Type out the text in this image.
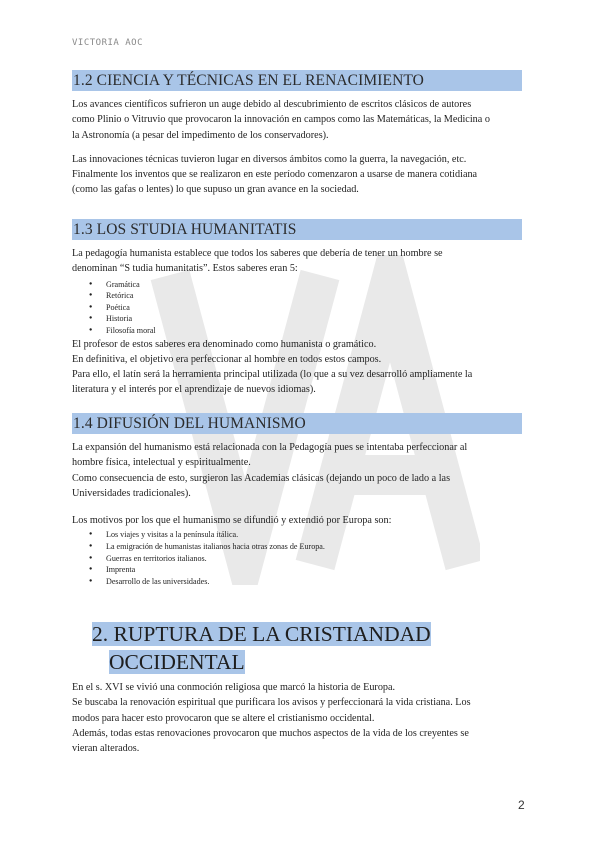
VICTORIA AOC
1.2 CIENCIA Y TÉCNICAS EN EL RENACIMIENTO

Los avances científicos sufrieron un auge debido al descubrimiento de escritos clásicos de autores

como Plinio o Vitruvio que provocaron la innovación en campos como las Matemáticas, la Medicina o

la Astronomía (a pesar del impedimento de los conservadores).

Las innovaciones técnicas tuvieron lugar en diversos ámbitos como la guerra, la navegación, etc.

Finalmente los inventos que se realizaron en este período comenzaron a usarse de manera cotidiana

(como las gafas o lentes) lo que supuso un gran avance en la sociedad.

1.3 LOS STUDIA HUMANITATIS

La pedagogía humanista establece que todos los saberes que debería de tener un hombre se

denominan “S tudia humanitatis”. Estos saberes eran 5:

● Gramática
● Retórica
● Poética
● Historia
● Filosofía moral

El profesor de estos saberes era denominado como humanista o gramático.

En definitiva, el objetivo era perfeccionar al hombre en todos estos campos.

Para ello, el latín será la herramienta principal utilizada (lo que a su vez desarrolló ampliamente la

literatura y el interés por el aprendizaje de nuevos idiomas).

1.4 DIFUSIÓN DEL HUMANISMO

La expansión del humanismo está relacionada con la Pedagogía pues se intentaba perfeccionar al

hombre física, intelectual y espiritualmente.

Como consecuencia de esto, surgieron las Academias clásicas (dejando un poco de lado a las

Universidades tradicionales).

Los motivos por los que el humanismo se difundió y extendió por Europa son:

● Los viajes y visitas a la península itálica.
● La emigración de humanistas italianos hacia otras zonas de Europa.
● Guerras en territorios italianos.
● Imprenta
● Desarrollo de las universidades.
2. RUPTURA DE LA CRISTIANDAD
OCCIDENTAL

En el s. XVI se vivió una conmoción religiosa que marcó la historia de Europa.

Se buscaba la renovación espiritual que purificara los avisos y perfeccionará la vida cristiana. Los

modos para hacer esto provocaron que se altere el cristianismo occidental.

Además, todas estas renovaciones provocaron que muchos aspectos de la vida de los creyentes se

vieran alterados.

2
